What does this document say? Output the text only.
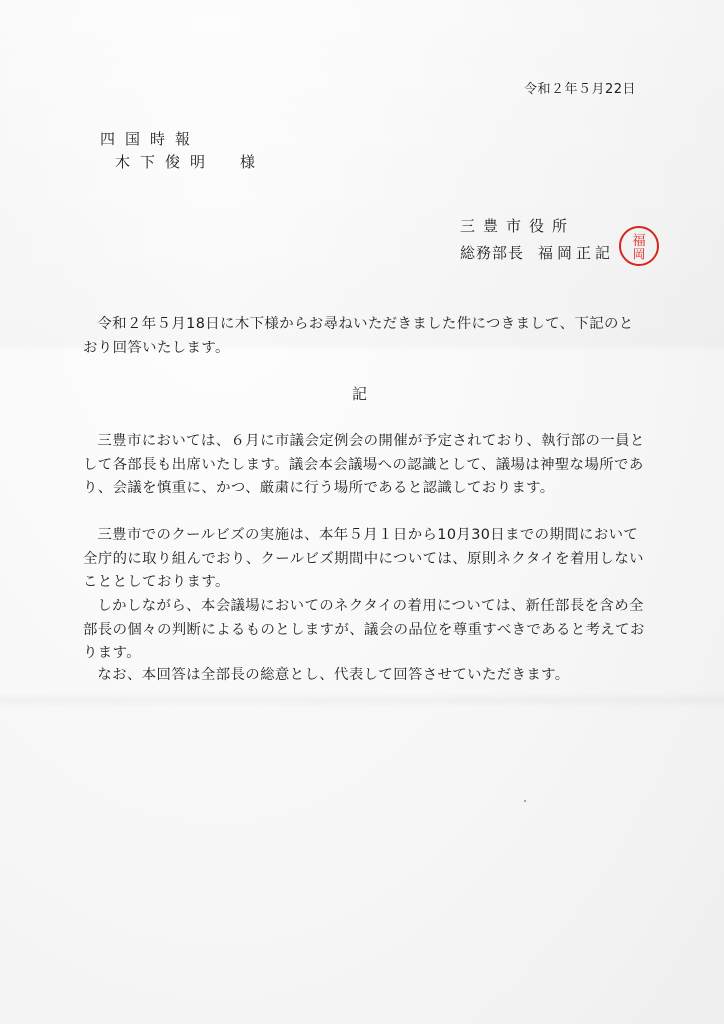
令和２年５月22日
四国時報
木下俊明　様
三豊市役所
総務部長 福岡正記
福
岡

令和２年５月18日に木下様からお尋ねいただきました件につきまして、下記のとおり回答いたします。

記

三豊市においては、６月に市議会定例会の開催が予定されており、執行部の一員として各部長も出席いたします。議会本会議場への認識として、議場は神聖な場所であり、会議を慎重に、かつ、厳粛に行う場所であると認識しております。

三豊市でのクールビズの実施は、本年５月１日から10月30日までの期間において全庁的に取り組んでおり、クールビズ期間中については、原則ネクタイを着用しないこととしております。

しかしながら、本会議場においてのネクタイの着用については、新任部長を含め全部長の個々の判断によるものとしますが、議会の品位を尊重すべきであると考えております。

なお、本回答は全部長の総意とし、代表して回答させていただきます。
